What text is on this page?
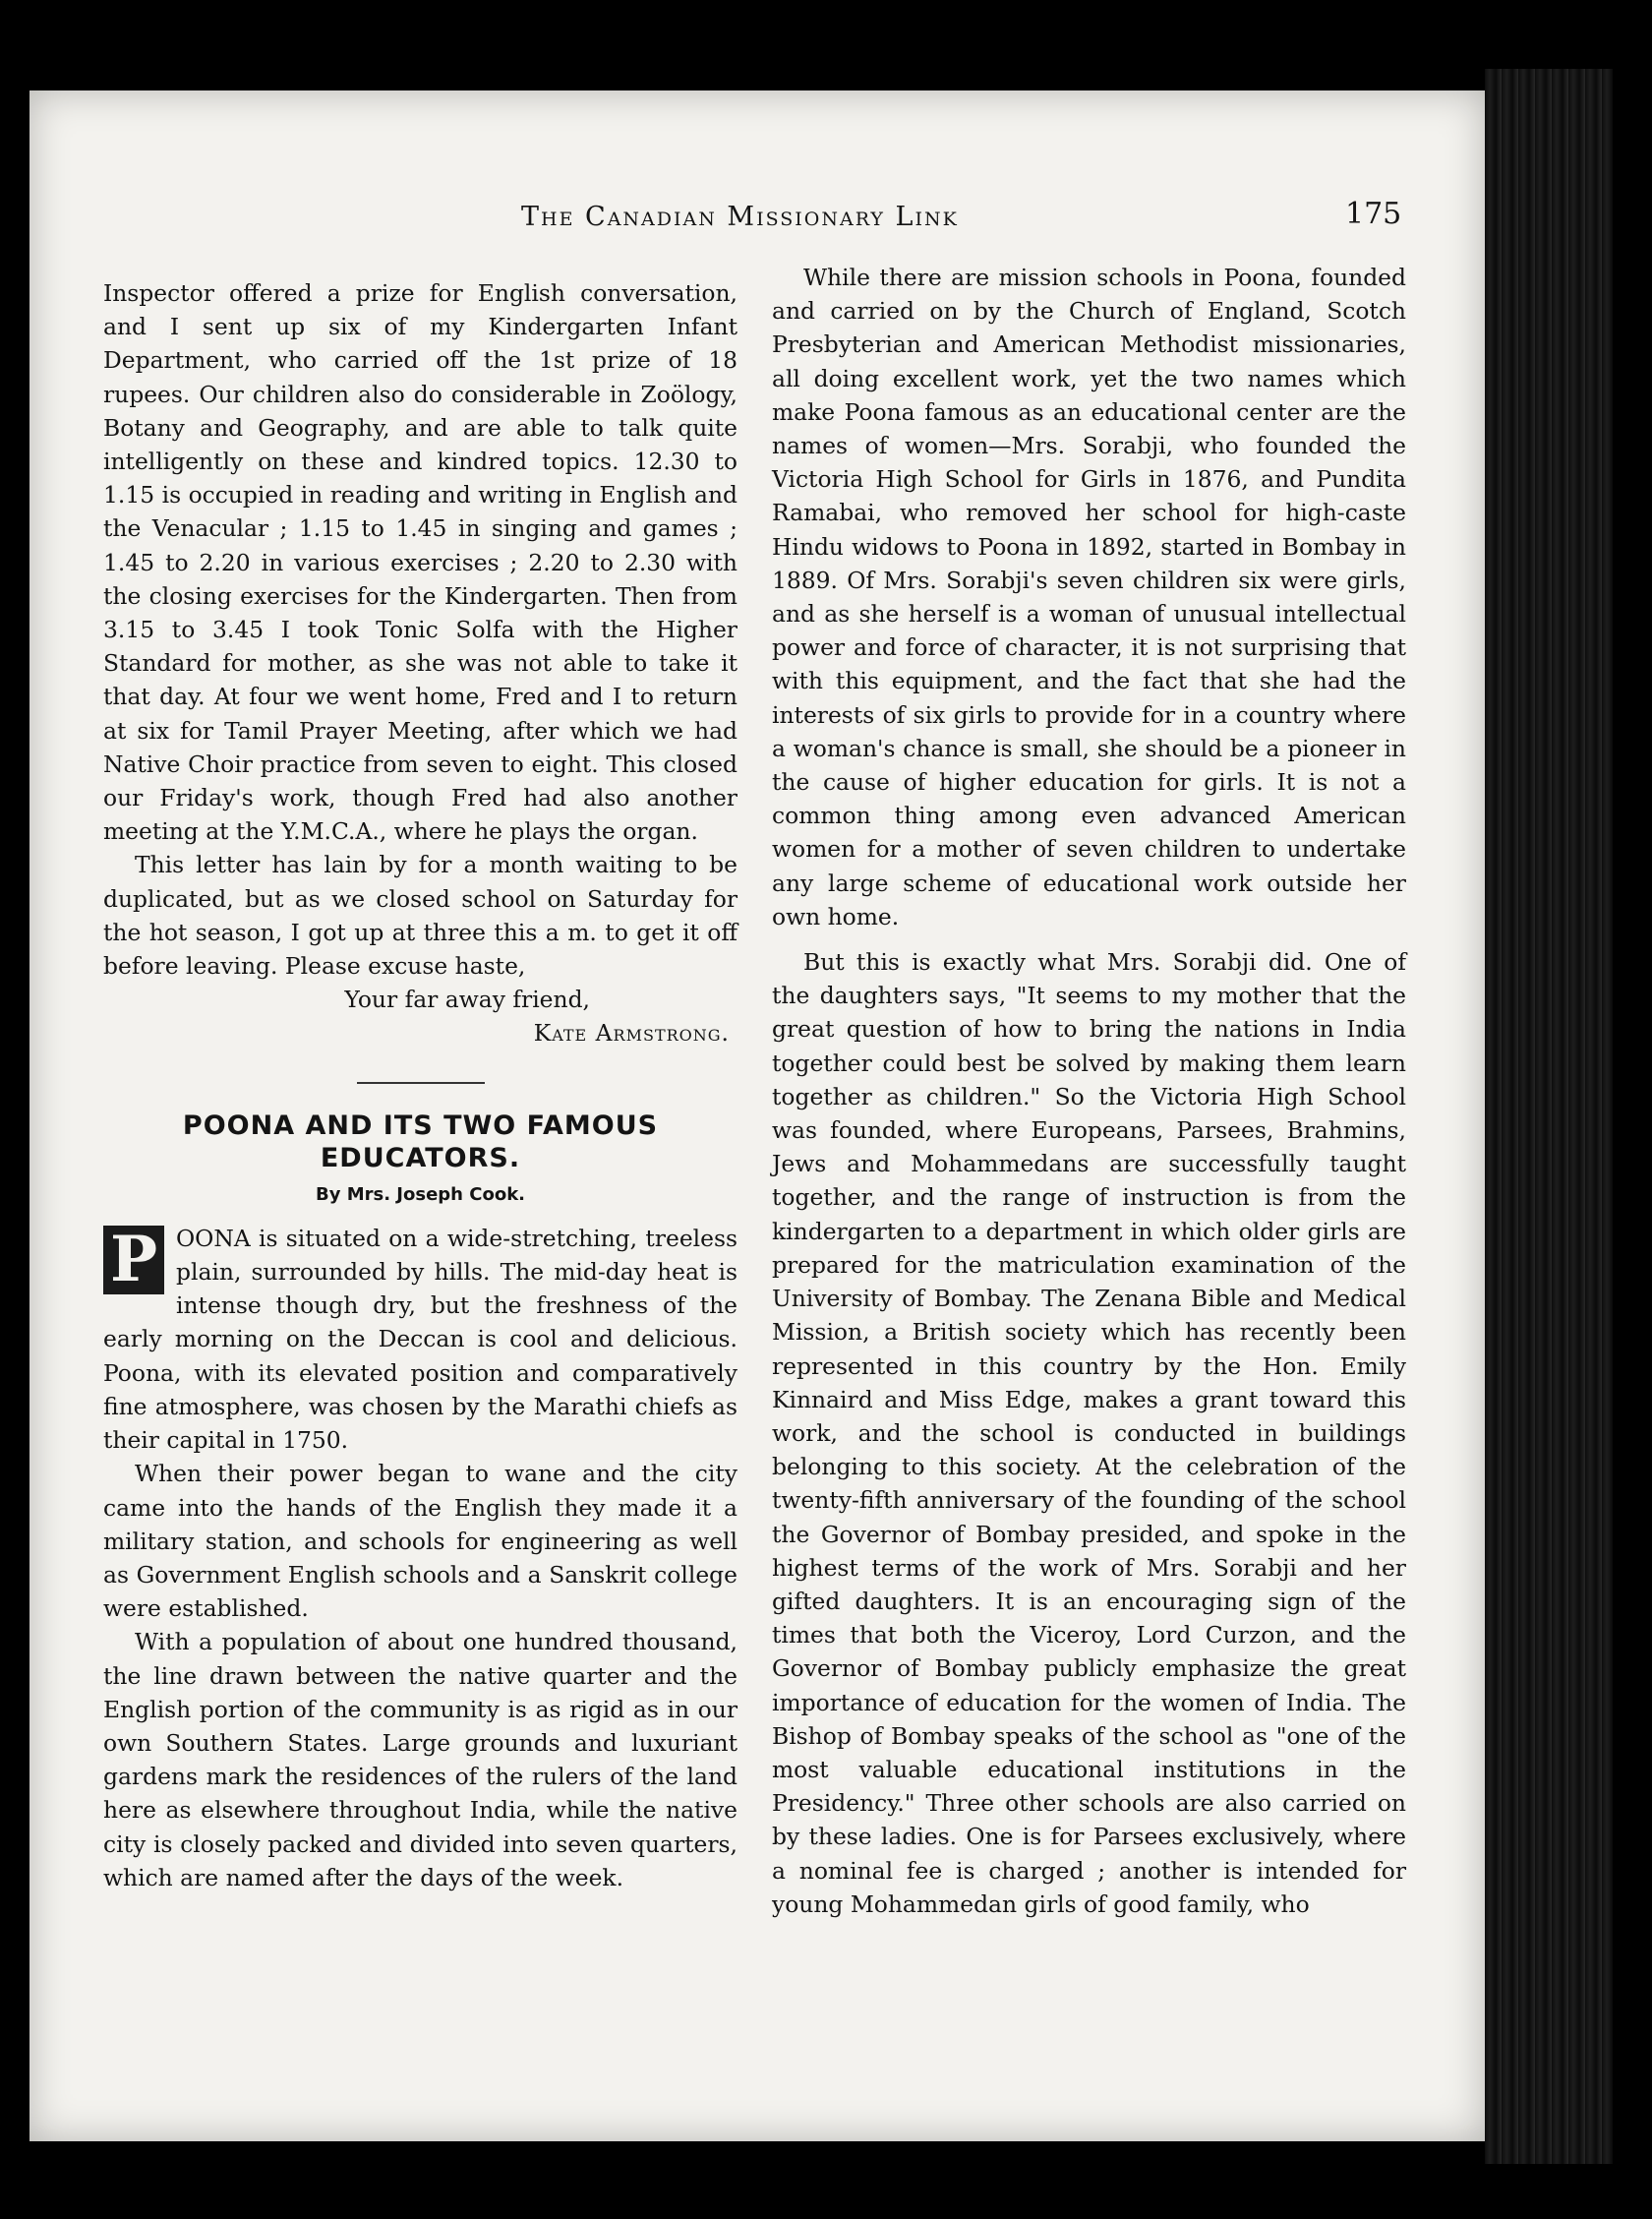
The Canadian Missionary Link	175

Inspector offered a prize for English conversation, and I sent up six of my Kindergarten Infant Department, who carried off the 1st prize of 18 rupees. Our children also do considerable in Zoölogy, Botany and Geography, and are able to talk quite intelligently on these and kindred topics. 12.30 to 1.15 is occupied in reading and writing in English and the Venacular ; 1.15 to 1.45 in singing and games ; 1.45 to 2.20 in various exercises ; 2.20 to 2.30 with the closing exercises for the Kindergarten. Then from 3.15 to 3.45 I took Tonic Solfa with the Higher Standard for mother, as she was not able to take it that day. At four we went home, Fred and I to return at six for Tamil Prayer Meeting, after which we had Native Choir practice from seven to eight. This closed our Friday's work, though Fred had also another meeting at the Y.M.C.A., where he plays the organ.

This letter has lain by for a month waiting to be duplicated, but as we closed school on Saturday for the hot season, I got up at three this a m. to get it off before leaving. Please excuse haste,

Your far away friend,
Kate Armstrong.
POONA AND ITS TWO FAMOUS EDUCATORS.
By Mrs. Joseph Cook.

P OONA is situated on a wide-stretching, treeless plain, surrounded by hills. The mid-day heat is intense though dry, but the freshness of the early morning on the Deccan is cool and delicious. Poona, with its elevated position and comparatively fine atmosphere, was chosen by the Marathi chiefs as their capital in 1750.

When their power began to wane and the city came into the hands of the English they made it a military station, and schools for engineering as well as Government English schools and a Sanskrit college were established.

With a population of about one hundred thousand, the line drawn between the native quarter and the English portion of the community is as rigid as in our own Southern States. Large grounds and luxuriant gardens mark the residences of the rulers of the land here as elsewhere throughout India, while the native city is closely packed and divided into seven quarters, which are named after the days of the week.

While there are mission schools in Poona, founded and carried on by the Church of England, Scotch Presbyterian and American Methodist missionaries, all doing excellent work, yet the two names which make Poona famous as an educational center are the names of women—Mrs. Sorabji, who founded the Victoria High School for Girls in 1876, and Pundita Ramabai, who removed her school for high-caste Hindu widows to Poona in 1892, started in Bombay in 1889. Of Mrs. Sorabji's seven children six were girls, and as she herself is a woman of unusual intellectual power and force of character, it is not surprising that with this equipment, and the fact that she had the interests of six girls to provide for in a country where a woman's chance is small, she should be a pioneer in the cause of higher education for girls. It is not a common thing among even advanced American women for a mother of seven children to undertake any large scheme of educational work outside her own home.

But this is exactly what Mrs. Sorabji did. One of the daughters says, "It seems to my mother that the great question of how to bring the nations in India together could best be solved by making them learn together as children." So the Victoria High School was founded, where Europeans, Parsees, Brahmins, Jews and Mohammedans are successfully taught together, and the range of instruction is from the kindergarten to a department in which older girls are prepared for the matriculation examination of the University of Bombay. The Zenana Bible and Medical Mission, a British society which has recently been represented in this country by the Hon. Emily Kinnaird and Miss Edge, makes a grant toward this work, and the school is conducted in buildings belonging to this society. At the celebration of the twenty-fifth anniversary of the founding of the school the Governor of Bombay presided, and spoke in the highest terms of the work of Mrs. Sorabji and her gifted daughters. It is an encouraging sign of the times that both the Viceroy, Lord Curzon, and the Governor of Bombay publicly emphasize the great importance of education for the women of India. The Bishop of Bombay speaks of the school as "one of the most valuable educational institutions in the Presidency." Three other schools are also carried on by these ladies. One is for Parsees exclusively, where a nominal fee is charged ; another is intended for young Mohammedan girls of good family, who
